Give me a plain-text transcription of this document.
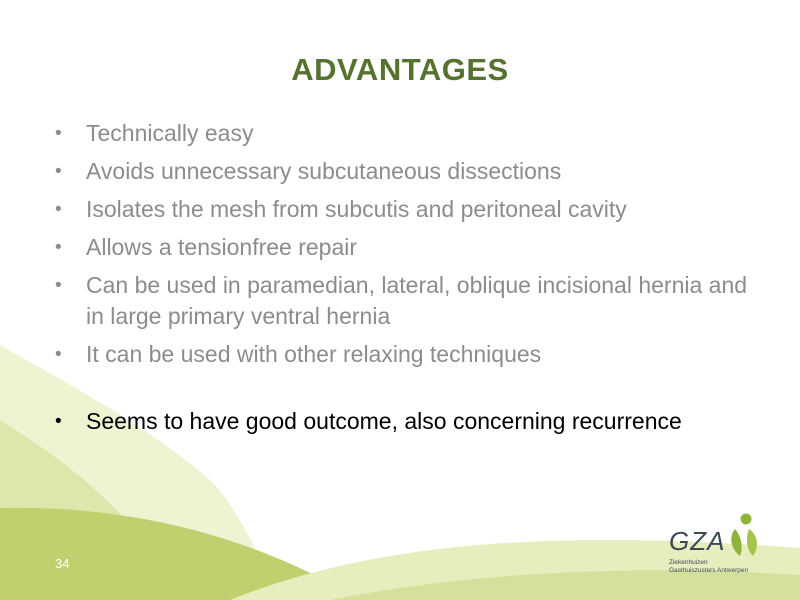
ADVANTAGES
• Technically easy
• Avoids unnecessary subcutaneous dissections
• Isolates the mesh from subcutis and peritoneal cavity
• Allows a tensionfree repair
• Can be used in paramedian, lateral, oblique incisional hernia and in large primary ventral hernia
• It can be used with other relaxing techniques
• Seems to have good outcome, also concerning recurrence
34
GZA
Ziekenhuizen
Gasthuiszusters Antwerpen
